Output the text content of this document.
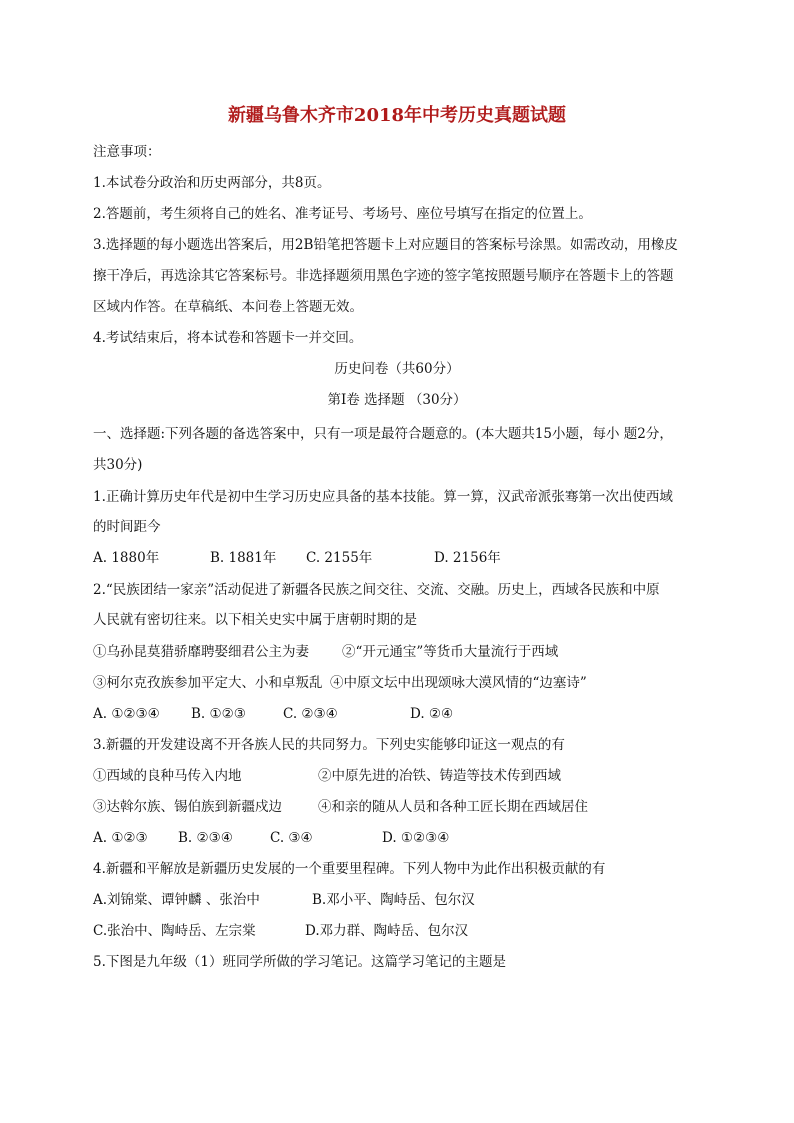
新疆乌鲁木齐市2018年中考历史真题试题
注意事项：
1.本试卷分政治和历史两部分，共8页。
2.答题前，考生须将自己的姓名、准考证号、考场号、座位号填写在指定的位置上。
3.选择题的每小题选出答案后，用2B铅笔把答题卡上对应题目的答案标号涂黑。如需改动，用橡皮
擦干净后，再选涂其它答案标号。非选择题须用黑色字迹的签字笔按照题号顺序在答题卡上的答题
区域内作答。在草稿纸、本问卷上答题无效。
4.考试结束后，将本试卷和答题卡一并交回。
历史问卷（共60分）
第Ⅰ卷 选择题 （30分）
一、选择题:下列各题的备选答案中，只有一项是最符合题意的。(本大题共15小题，每小 题2分，
共30分)
1.正确计算历史年代是初中生学习历史应具备的基本技能。算一算，汉武帝派张骞第一次出使西域
的时间距今
A. 1880年	B. 1881年 C. 2155年	D. 2156年
2.“民族团结一家亲”活动促进了新疆各民族之间交往、交流、交融。历史上，西域各民族和中原
人民就有密切往来。以下相关史实中属于唐朝时期的是
①乌孙昆莫猎骄靡聘娶细君公主为妻 ②“开元通宝”等货币大量流行于西域
③柯尔克孜族参加平定大、小和卓叛乱 ④中原文坛中出现颂咏大漠风情的“边塞诗”
A. ①②③④ B. ①②③	C. ②③④	D. ②④
3.新疆的开发建设离不开各族人民的共同努力。下列史实能够印证这一观点的有
①西域的良种马传入内地	②中原先进的冶铁、铸造等技术传到西域
③达斡尔族、锡伯族到新疆戍边	④和亲的随从人员和各种工匠长期在西域居住
A. ①②③ B. ②③④	C. ③④	D. ①②③④
4.新疆和平解放是新疆历史发展的一个重要里程碑。下列人物中为此作出积极贡献的有
A.刘锦棠、谭钟麟 、张治中	B.邓小平、陶峙岳、包尔汉
C.张治中、陶峙岳、左宗棠	D.邓力群、陶峙岳、包尔汉
5.下图是九年级（1）班同学所做的学习笔记。这篇学习笔记的主题是
